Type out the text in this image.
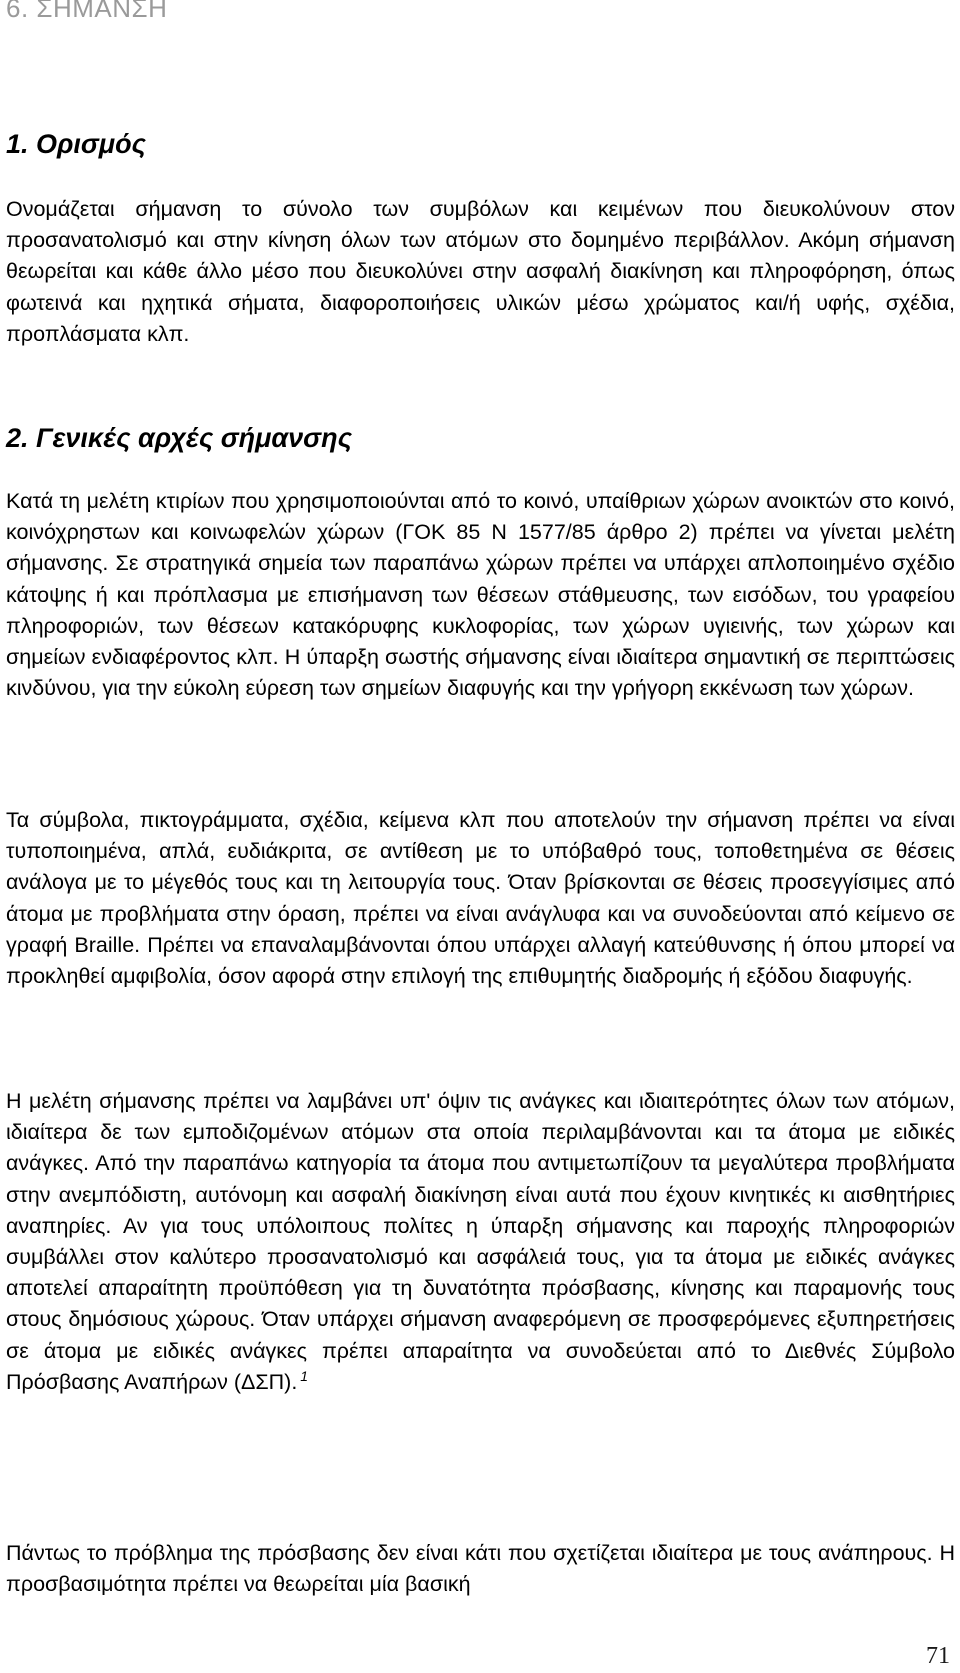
6. ΣΗΜΑΝΣΗ
1. Ορισμός

Ονομάζεται σήμανση το σύνολο των συμβόλων και κειμένων που διευκολύνουν στον προσανατολισμό και στην κίνηση όλων των ατόμων στο δομημένο περιβάλλον. Ακόμη σήμανση θεωρείται και κάθε άλλο μέσο που διευκολύνει στην ασφαλή διακίνηση και πληροφόρηση, όπως φωτεινά και ηχητικά σήματα, διαφοροποιήσεις υλικών μέσω χρώματος και/ή υφής, σχέδια, προπλάσματα κλπ.

2. Γενικές αρχές σήμανσης

Κατά τη μελέτη κτιρίων που χρησιμοποιούνται από το κοινό, υπαίθριων χώρων ανοικτών στο κοινό, κοινόχρηστων και κοινωφελών χώρων (ΓΟΚ 85 Ν 1577/85 άρθρο 2) πρέπει να γίνεται μελέτη σήμανσης. Σε στρατηγικά σημεία των παραπάνω χώρων πρέπει να υπάρχει απλοποιημένο σχέδιο κάτοψης ή και πρόπλασμα με επισήμανση των θέσεων στάθμευσης, των εισόδων, του γραφείου πληροφοριών, των θέσεων κατακόρυφης κυκλοφορίας, των χώρων υγιεινής, των χώρων και σημείων ενδιαφέροντος κλπ. Η ύπαρξη σωστής σήμανσης είναι ιδιαίτερα σημαντική σε περιπτώσεις κινδύνου, για την εύκολη εύρεση των σημείων διαφυγής και την γρήγορη εκκένωση των χώρων.

Τα σύμβολα, πικτογράμματα, σχέδια, κείμενα κλπ που αποτελούν την σήμανση πρέπει να είναι τυποποιημένα, απλά, ευδιάκριτα, σε αντίθεση με το υπόβαθρό τους, τοποθετημένα σε θέσεις ανάλογα με το μέγεθός τους και τη λειτουργία τους. Όταν βρίσκονται σε θέσεις προσεγγίσιμες από άτομα με προβλήματα στην όραση, πρέπει να είναι ανάγλυφα και να συνοδεύονται από κείμενο σε γραφή Braille. Πρέπει να επαναλαμβάνονται όπου υπάρχει αλλαγή κατεύθυνσης ή όπου μπορεί να προκληθεί αμφιβολία, όσον αφορά στην επιλογή της επιθυμητής διαδρομής ή εξόδου διαφυγής.

Η μελέτη σήμανσης πρέπει να λαμβάνει υπ' όψιν τις ανάγκες και ιδιαιτερότητες όλων των ατόμων, ιδιαίτερα δε των εμποδιζομένων ατόμων στα οποία περιλαμβάνονται και τα άτομα με ειδικές ανάγκες. Από την παραπάνω κατηγορία τα άτομα που αντιμετωπίζουν τα μεγαλύτερα προβλήματα στην ανεμπόδιστη, αυτόνομη και ασφαλή διακίνηση είναι αυτά που έχουν κινητικές κι αισθητήριες αναπηρίες. Αν για τους υπόλοιπους πολίτες η ύπαρξη σήμανσης και παροχής πληροφοριών συμβάλλει στον καλύτερο προσανατολισμό και ασφάλειά τους, για τα άτομα με ειδικές ανάγκες αποτελεί απαραίτητη προϋπόθεση για τη δυνατότητα πρόσβασης, κίνησης και παραμονής τους στους δημόσιους χώρους. Όταν υπάρχει σήμανση αναφερόμενη σε προσφερόμενες εξυπηρετήσεις σε άτομα με ειδικές ανάγκες πρέπει απαραίτητα να συνοδεύεται από το Διεθνές Σύμβολο Πρόσβασης Αναπήρων (ΔΣΠ). $^1$

Πάντως το πρόβλημα της πρόσβασης δεν είναι κάτι που σχετίζεται ιδιαίτερα με τους ανάπηρους. Η προσβασιμότητα πρέπει να θεωρείται μία βασική

71
